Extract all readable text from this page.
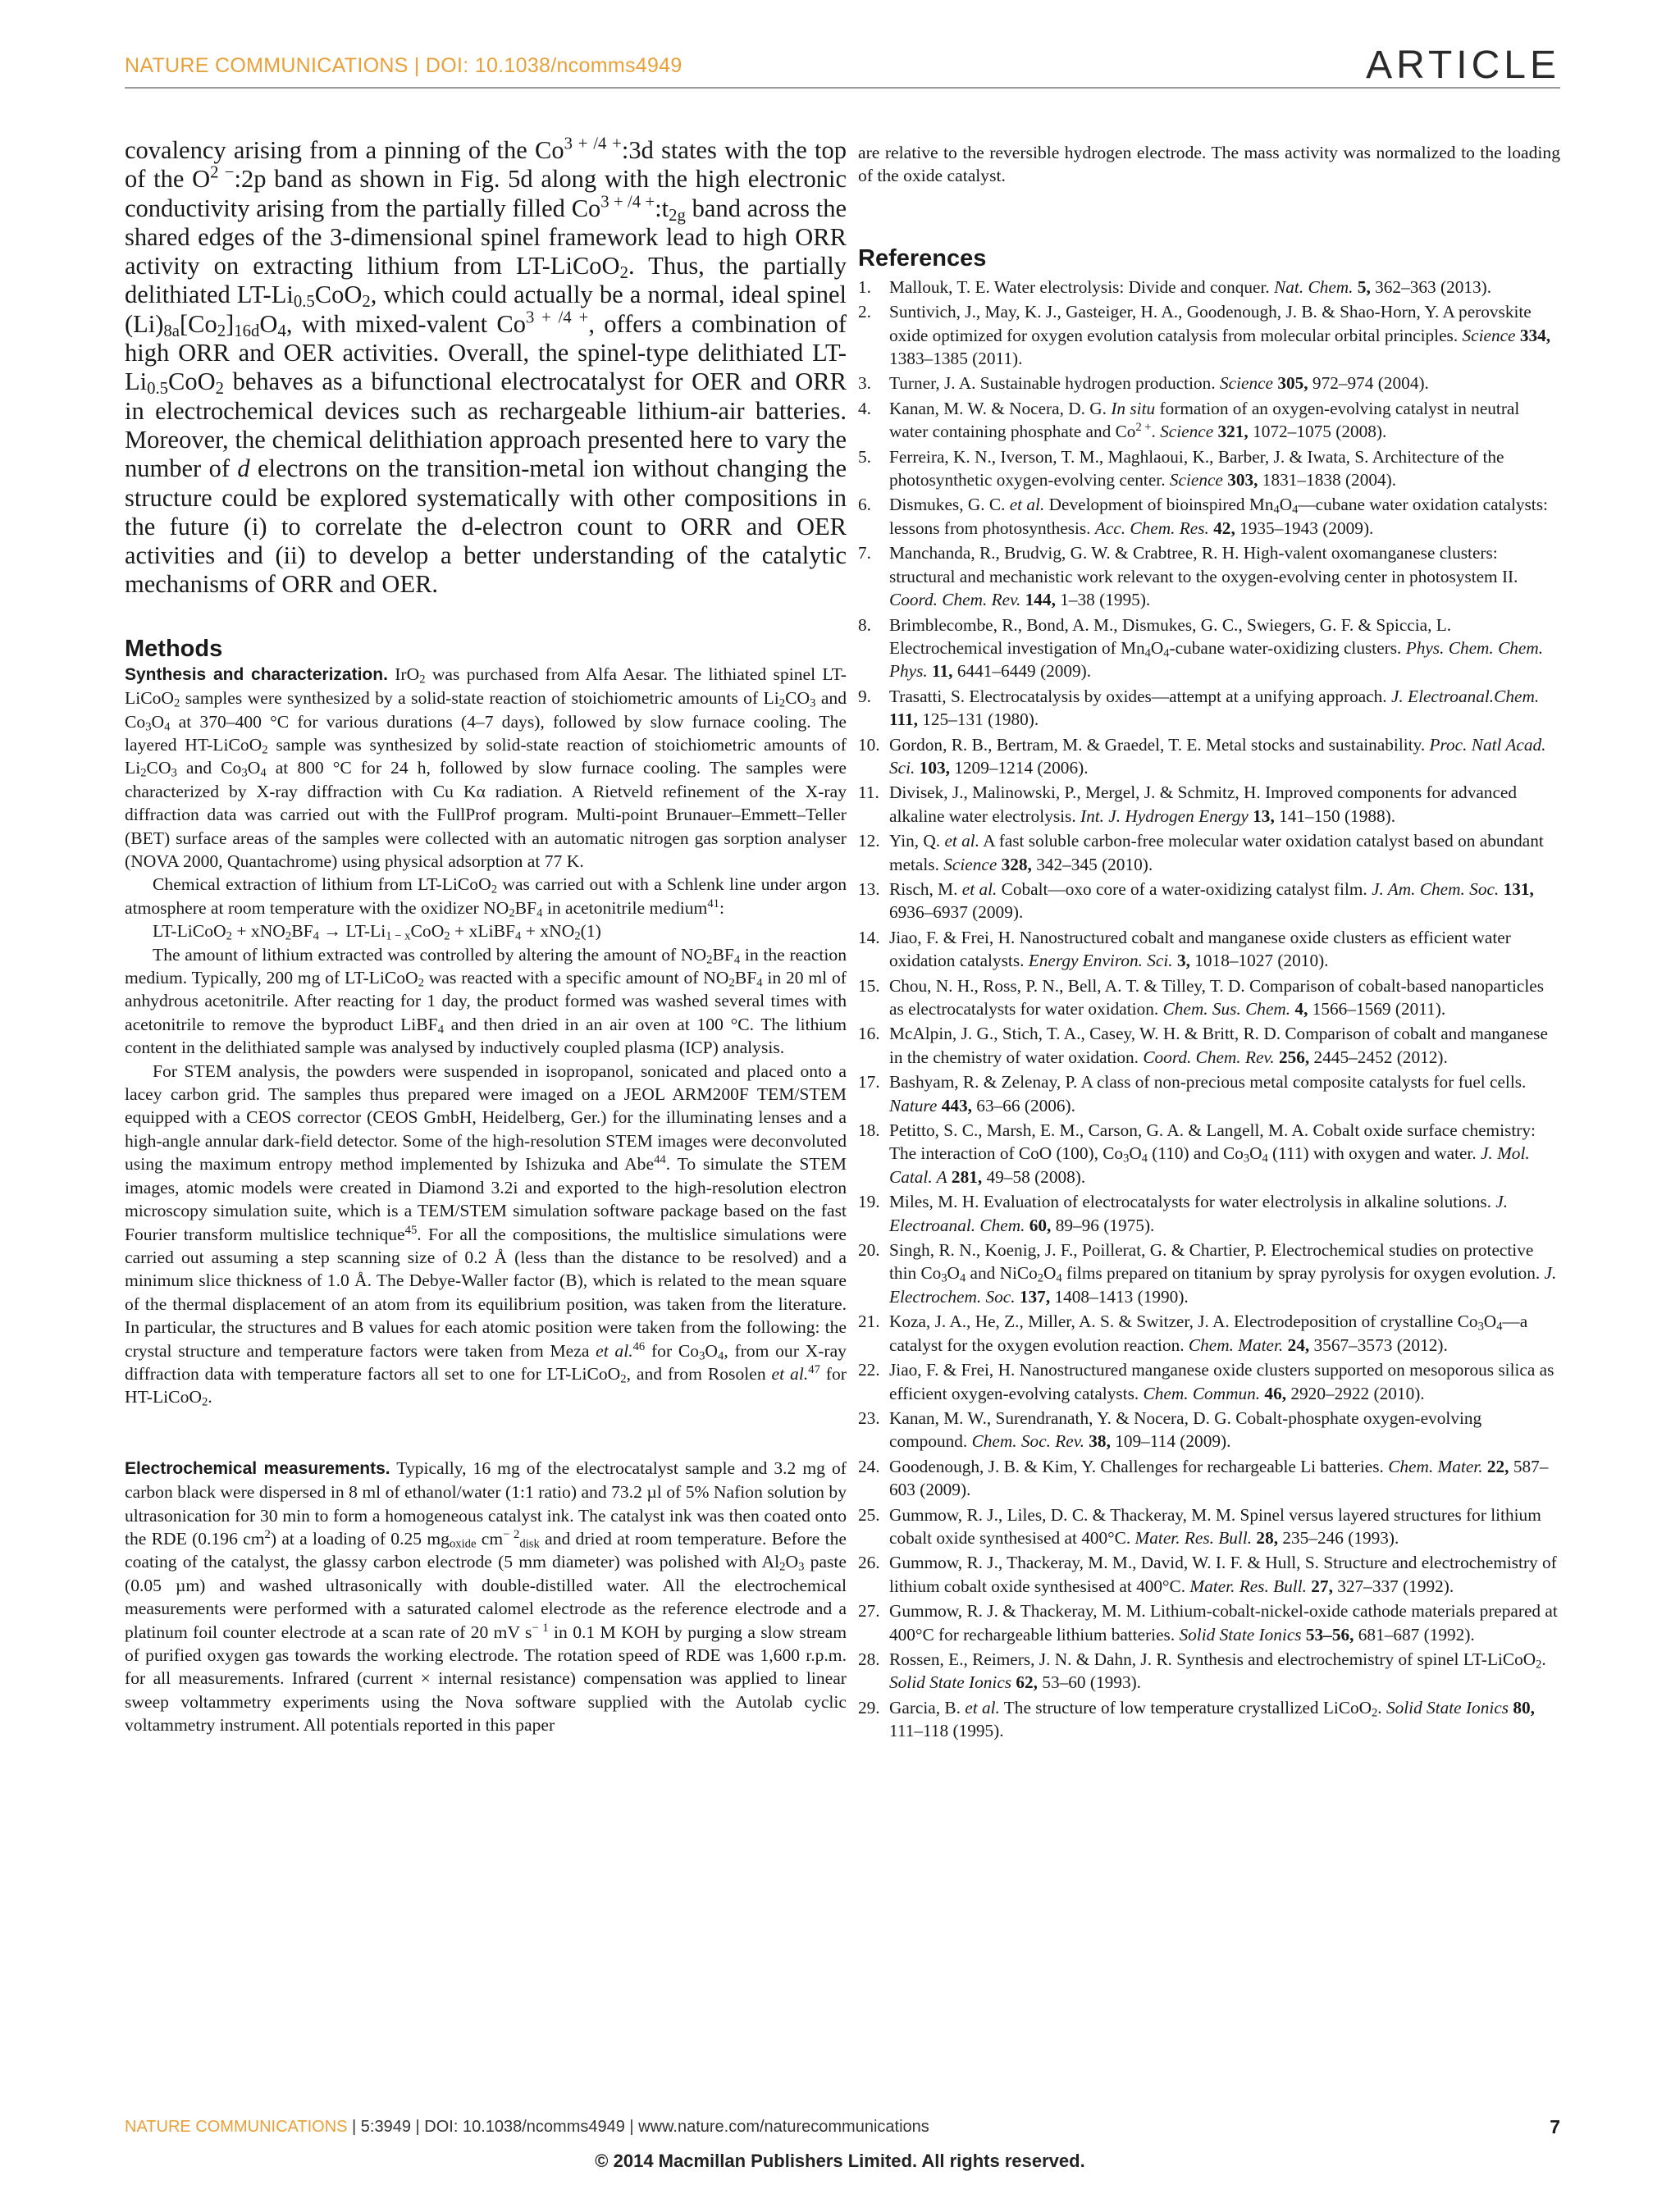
NATURE COMMUNICATIONS | DOI: 10.1038/ncomms4949	ARTICLE

covalency arising from a pinning of the $Co^{3 + /4 +}:3d$ states with the top of the $O^{2 -}:2p$ band as shown in Fig. 5d along with the high electronic conductivity arising from the partially filled $Co^{3 + /4 +}:t_{2g}$ band across the shared edges of the 3-dimensional spinel framework lead to high ORR activity on extracting lithium from LT-LiCoO$_2$. Thus, the partially delithiated $LT-Li_{0.5}CoO_2$, which could actually be a normal, ideal spinel $(Li)_{8a}[Co_2]_{16d}O_4$, with mixed-valent $Co^{3 + /4 +}$, offers a combination of high ORR and OER activities. Overall, the spinel-type delithiated $LT-Li_{0.5}CoO_2$ behaves as a bifunctional electrocatalyst for OER and ORR in electrochemical devices such as rechargeable lithium-air batteries. Moreover, the chemical delithiation approach presented here to vary the number of d electrons on the transition-metal ion without changing the structure could be explored systematically with other compositions in the future (i) to correlate the d-electron count to ORR and OER activities and (ii) to develop a better understanding of the catalytic mechanisms of ORR and OER.

Methods

Synthesis and characterization. IrO$_2$ was purchased from Alfa Aesar. The lithiated spinel LT-LiCoO$_2$ samples were synthesized by a solid-state reaction of stoichiometric amounts of $Li_2CO_3$ and $Co_3O_4$ at 370–400 °C for various durations (4–7 days), followed by slow furnace cooling. The layered HT-LiCoO$_2$ sample was synthesized by solid-state reaction of stoichiometric amounts of $Li_2CO_3$ and $Co_3O_4$ at 800 °C for 24 h, followed by slow furnace cooling. The samples were characterized by X-ray diffraction with Cu Kα radiation. A Rietveld refinement of the X-ray diffraction data was carried out with the FullProf program. Multi-point Brunauer–Emmett–Teller (BET) surface areas of the samples were collected with an automatic nitrogen gas sorption analyser (NOVA 2000, Quantachrome) using physical adsorption at 77 K.

Chemical extraction of lithium from LT-LiCoO$_2$ was carried out with a Schlenk line under argon atmosphere at room temperature with the oxidizer $NO_2BF_4$ in acetonitrile medium$^{41}$:

LT-LiCoO$_2$ + $xNO_2BF_4 \to LT-Li_{1 - x}CoO_2$ + xLiBF$_4$ + xNO$_2$(1)

The amount of lithium extracted was controlled by altering the amount of $NO_2BF_4$ in the reaction medium. Typically, 200 mg of LT-LiCoO$_2$ was reacted with a specific amount of $NO_2BF_4$ in 20 ml of anhydrous acetonitrile. After reacting for 1 day, the product formed was washed several times with acetonitrile to remove the byproduct LiBF$_4$ and then dried in an air oven at 100 °C. The lithium content in the delithiated sample was analysed by inductively coupled plasma (ICP) analysis.

For STEM analysis, the powders were suspended in isopropanol, sonicated and placed onto a lacey carbon grid. The samples thus prepared were imaged on a JEOL ARM200F TEM/STEM equipped with a CEOS corrector (CEOS GmbH, Heidelberg, Ger.) for the illuminating lenses and a high-angle annular dark-field detector. Some of the high-resolution STEM images were deconvoluted using the maximum entropy method implemented by Ishizuka and Abe$^{44}$. To simulate the STEM images, atomic models were created in Diamond 3.2i and exported to the high-resolution electron microscopy simulation suite, which is a TEM/STEM simulation software package based on the fast Fourier transform multislice technique$^{45}$. For all the compositions, the multislice simulations were carried out assuming a step scanning size of 0.2 Å (less than the distance to be resolved) and a minimum slice thickness of 1.0 Å. The Debye-Waller factor (B), which is related to the mean square of the thermal displacement of an atom from its equilibrium position, was taken from the literature. In particular, the structures and B values for each atomic position were taken from the following: the crystal structure and temperature factors were taken from Meza et al.$^{46}$ for $Co_3O_4$, from our X-ray diffraction data with temperature factors all set to one for LT-LiCoO$_2$, and from Rosolen et al.$^{47}$ for HT-LiCoO$_2$.

Electrochemical measurements. Typically, 16 mg of the electrocatalyst sample and 3.2 mg of carbon black were dispersed in 8 ml of ethanol/water (1:1 ratio) and 73.2 µl of 5% Nafion solution by ultrasonication for 30 min to form a homogeneous catalyst ink. The catalyst ink was then coated onto the RDE (0.196 $cm^2$) at a loading of 0.25 $mg_{oxide}$ $cm^{- 2}_{disk}$ and dried at room temperature. Before the coating of the catalyst, the glassy carbon electrode (5 mm diameter) was polished with $Al_2O_3$ paste (0.05 µm) and washed ultrasonically with double-distilled water. All the electrochemical measurements were performed with a saturated calomel electrode as the reference electrode and a platinum foil counter electrode at a scan rate of 20 mV $s^{- 1}$ in 0.1 M KOH by purging a slow stream of purified oxygen gas towards the working electrode. The rotation speed of RDE was 1,600 r.p.m. for all measurements. Infrared (current × internal resistance) compensation was applied to linear sweep voltammetry experiments using the Nova software supplied with the Autolab cyclic voltammetry instrument. All potentials reported in this paper

are relative to the reversible hydrogen electrode. The mass activity was normalized to the loading of the oxide catalyst.

References
1. Mallouk, T. E. Water electrolysis: Divide and conquer. Nat. Chem. 5, 362–363 (2013).
2. Suntivich, J., May, K. J., Gasteiger, H. A., Goodenough, J. B. & Shao-Horn, Y. A perovskite oxide optimized for oxygen evolution catalysis from molecular orbital principles. Science 334, 1383–1385 (2011).
3. Turner, J. A. Sustainable hydrogen production. Science 305, 972–974 (2004).
4. Kanan, M. W. & Nocera, D. G. In situ formation of an oxygen-evolving catalyst in neutral water containing phosphate and $Co^{2 +}$. Science 321, 1072–1075 (2008).
5. Ferreira, K. N., Iverson, T. M., Maghlaoui, K., Barber, J. & Iwata, S. Architecture of the photosynthetic oxygen-evolving center. Science 303, 1831–1838 (2004).
6. Dismukes, G. C. et al. Development of bioinspired $Mn_4O_4—cubane$ water oxidation catalysts: lessons from photosynthesis. Acc. Chem. Res. 42, 1935–1943 (2009).
7. Manchanda, R., Brudvig, G. W. & Crabtree, R. H. High-valent oxomanganese clusters: structural and mechanistic work relevant to the oxygen-evolving center in photosystem II. Coord. Chem. Rev. 144, 1–38 (1995).
8. Brimblecombe, R., Bond, A. M., Dismukes, G. C., Swiegers, G. F. & Spiccia, L. Electrochemical investigation of $Mn_4O_4$-cubane water-oxidizing clusters. Phys. Chem. Chem. Phys. 11, 6441–6449 (2009).
9. Trasatti, S. Electrocatalysis by oxides—attempt at a unifying approach. J. Electroanal.Chem. 111, 125–131 (1980).
10. Gordon, R. B., Bertram, M. & Graedel, T. E. Metal stocks and sustainability. Proc. Natl Acad. Sci. 103, 1209–1214 (2006).
11. Divisek, J., Malinowski, P., Mergel, J. & Schmitz, H. Improved components for advanced alkaline water electrolysis. Int. J. Hydrogen Energy 13, 141–150 (1988).
12. Yin, Q. et al. A fast soluble carbon-free molecular water oxidation catalyst based on abundant metals. Science 328, 342–345 (2010).
13. Risch, M. et al. Cobalt—oxo core of a water-oxidizing catalyst film. J. Am. Chem. Soc. 131, 6936–6937 (2009).
14. Jiao, F. & Frei, H. Nanostructured cobalt and manganese oxide clusters as efficient water oxidation catalysts. Energy Environ. Sci. 3, 1018–1027 (2010).
15. Chou, N. H., Ross, P. N., Bell, A. T. & Tilley, T. D. Comparison of cobalt-based nanoparticles as electrocatalysts for water oxidation. Chem. Sus. Chem. 4, 1566–1569 (2011).
16. McAlpin, J. G., Stich, T. A., Casey, W. H. & Britt, R. D. Comparison of cobalt and manganese in the chemistry of water oxidation. Coord. Chem. Rev. 256, 2445–2452 (2012).
17. Bashyam, R. & Zelenay, P. A class of non-precious metal composite catalysts for fuel cells. Nature 443, 63–66 (2006).
18. Petitto, S. C., Marsh, E. M., Carson, G. A. & Langell, M. A. Cobalt oxide surface chemistry: The interaction of CoO (100), $Co_3O_4$ (110) and $Co_3O_4$ (111) with oxygen and water. J. Mol. Catal. A 281, 49–58 (2008).
19. Miles, M. H. Evaluation of electrocatalysts for water electrolysis in alkaline solutions. J. Electroanal. Chem. 60, 89–96 (1975).
20. Singh, R. N., Koenig, J. F., Poillerat, G. & Chartier, P. Electrochemical studies on protective thin $Co_3O_4$ and $NiCo_2O_4$ films prepared on titanium by spray pyrolysis for oxygen evolution. J. Electrochem. Soc. 137, 1408–1413 (1990).
21. Koza, J. A., He, Z., Miller, A. S. & Switzer, J. A. Electrodeposition of crystalline $Co_3O_4—a$ catalyst for the oxygen evolution reaction. Chem. Mater. 24, 3567–3573 (2012).
22. Jiao, F. & Frei, H. Nanostructured manganese oxide clusters supported on mesoporous silica as efficient oxygen-evolving catalysts. Chem. Commun. 46, 2920–2922 (2010).
23. Kanan, M. W., Surendranath, Y. & Nocera, D. G. Cobalt-phosphate oxygen-evolving compound. Chem. Soc. Rev. 38, 109–114 (2009).
24. Goodenough, J. B. & Kim, Y. Challenges for rechargeable Li batteries. Chem. Mater. 22, 587–603 (2009).
25. Gummow, R. J., Liles, D. C. & Thackeray, M. M. Spinel versus layered structures for lithium cobalt oxide synthesised at 400°C. Mater. Res. Bull. 28, 235–246 (1993).
26. Gummow, R. J., Thackeray, M. M., David, W. I. F. & Hull, S. Structure and electrochemistry of lithium cobalt oxide synthesised at 400°C. Mater. Res. Bull. 27, 327–337 (1992).
27. Gummow, R. J. & Thackeray, M. M. Lithium-cobalt-nickel-oxide cathode materials prepared at 400°C for rechargeable lithium batteries. Solid State Ionics 53–56, 681–687 (1992).
28. Rossen, E., Reimers, J. N. & Dahn, J. R. Synthesis and electrochemistry of spinel LT-LiCoO$_2$. Solid State Ionics 62, 53–60 (1993).
29. Garcia, B. et al. The structure of low temperature crystallized LiCoO$_2$. Solid State Ionics 80, 111–118 (1995).
NATURE COMMUNICATIONS | 5:3949 | DOI: 10.1038/ncomms4949 | www.nature.com/naturecommunications	7
© 2014 Macmillan Publishers Limited. All rights reserved.
